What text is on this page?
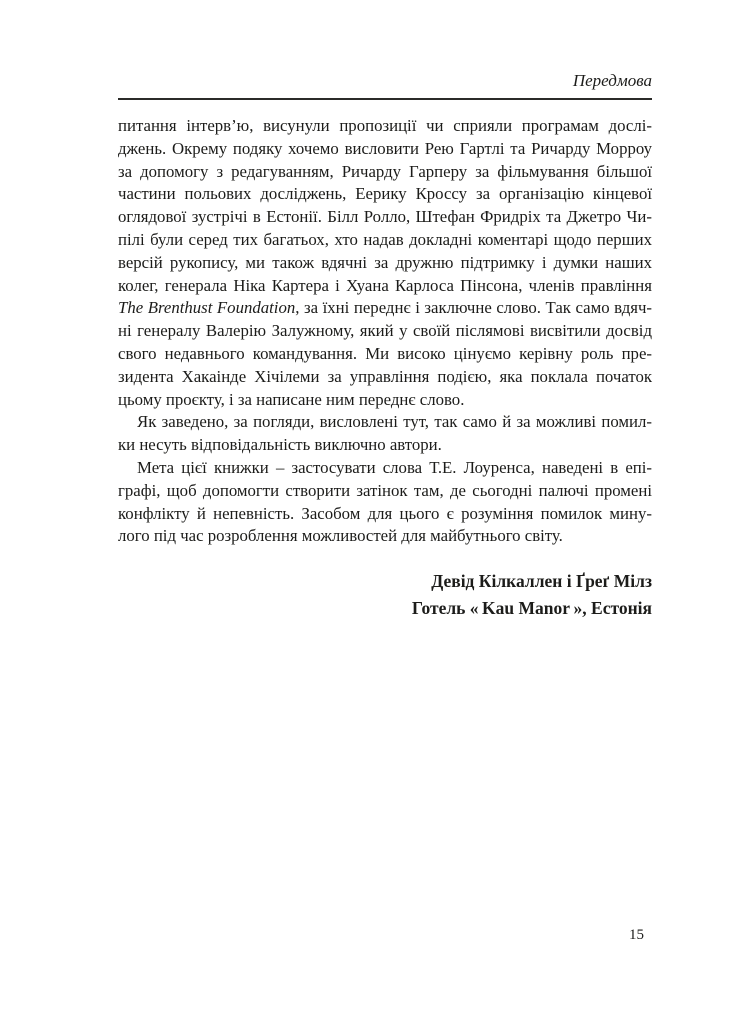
Передмова
питання інтерв’ю, висунули пропозиції чи сприяли програмам дослі-
джень. Окрему подяку хочемо висловити Рею Гартлі та Ричарду Морроу
за допомогу з редагуванням, Ричарду Гарперу за фільмування більшої
частини польових досліджень, Еерику Кроссу за організацію кінцевої
оглядової зустрічі в Естонії. Білл Ролло, Штефан Фридріх та Джетро Чи-
пілі були серед тих багатьох, хто надав докладні коментарі щодо перших
версій рукопису, ми також вдячні за дружню підтримку і думки наших
колег, генерала Ніка Картера і Хуана Карлоса Пінсона, членів правління
The Brenthust Foundation, за їхні переднє і заключне слово. Так само вдяч-
ні генералу Валерію Залужному, який у своїй післямові висвітили досвід
свого недавнього командування. Ми високо цінуємо керівну роль пре-
зидента Хакаінде Хічілеми за управління подією, яка поклала початок
цьому проєкту, і за написане ним переднє слово.
Як заведено, за погляди, висловлені тут, так само й за можливі помил-
ки несуть відповідальність виключно автори.
Мета цієї книжки – застосувати слова Т.Е. Лоуренса, наведені в епі-
графі, щоб допомогти створити затінок там, де сьогодні палючі промені
конфлікту й непевність. Засобом для цього є розуміння помилок мину-
лого під час розроблення можливостей для майбутнього світу.
Девід Кілкаллен і Ґреґ Мілз
Готель « Kau Manor », Естонія
15
